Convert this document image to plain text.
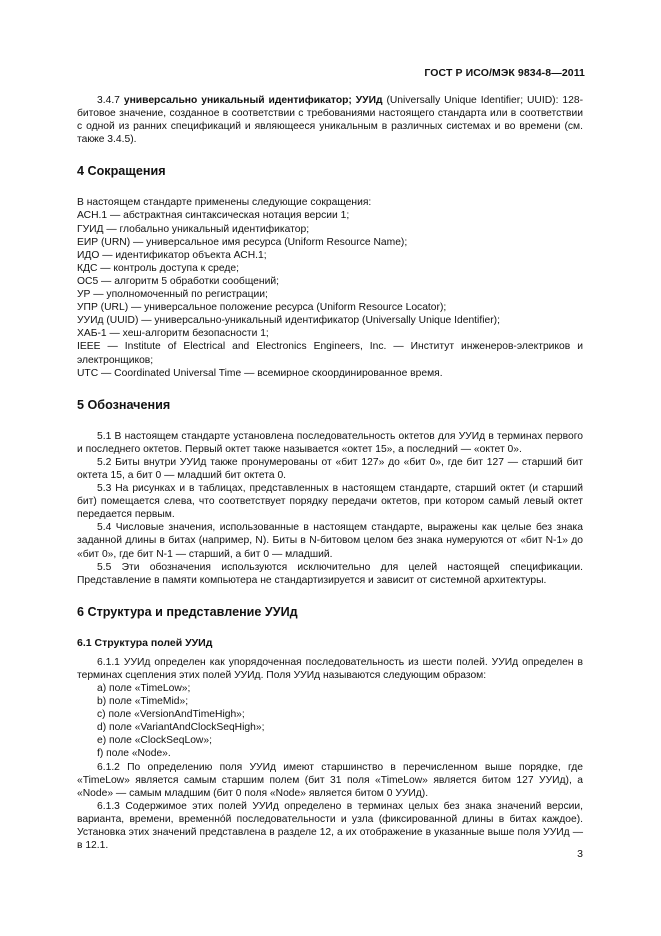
ГОСТ Р ИСО/МЭК 9834-8—2011

3.4.7 универсально уникальный идентификатор; УУИд (Universally Unique Identifier; UUID): 128-битовое значение, созданное в соответствии с требованиями настоящего стандарта или в соответствии с одной из ранних спецификаций и являющееся уникальным в различных системах и во времени (см. также 3.4.5).

4 Сокращения

В настоящем стандарте применены следующие сокращения:

АСН.1 — абстрактная синтаксическая нотация версии 1;

ГУИД — глобально уникальный идентификатор;

ЕИР (URN) — универсальное имя ресурса (Uniform Resource Name);

ИДО — идентификатор объекта АСН.1;

КДС — контроль доступа к среде;

ОС5 — алгоритм 5 обработки сообщений;

УР — уполномоченный по регистрации;

УПР (URL) — универсальное положение ресурса (Uniform Resource Locator);

УУИд (UUID) — универсально-уникальный идентификатор (Universally Unique Identifier);

ХАБ-1 — хеш-алгоритм безопасности 1;

IEEE — Institute of Electrical and Electronics Engineers, Inc. — Институт инженеров-электриков и электронщиков;

UTC — Coordinated Universal Time — всемирное скоординированное время.

5 Обозначения

5.1 В настоящем стандарте установлена последовательность октетов для УУИд в терминах первого и последнего октетов. Первый октет также называется «октет 15», а последний — «октет 0».

5.2 Биты внутри УУИд также пронумерованы от «бит 127» до «бит 0», где бит 127 — старший бит октета 15, а бит 0 — младший бит октета 0.

5.3 На рисунках и в таблицах, представленных в настоящем стандарте, старший октет (и старший бит) помещается слева, что соответствует порядку передачи октетов, при котором самый левый октет передается первым.

5.4 Числовые значения, использованные в настоящем стандарте, выражены как целые без знака заданной длины в битах (например, N). Биты в N-битовом целом без знака нумеруются от «бит N-1» до «бит 0», где бит N-1 — старший, а бит 0 — младший.

5.5 Эти обозначения используются исключительно для целей настоящей спецификации. Представление в памяти компьютера не стандартизируется и зависит от системной архитектуры.

6 Структура и представление УУИд
6.1 Структура полей УУИд

6.1.1 УУИд определен как упорядоченная последовательность из шести полей. УУИд определен в терминах сцепления этих полей УУИд. Поля УУИд называются следующим образом:

a) поле «TimeLow»;

b) поле «TimeMid»;

c) поле «VersionAndTimeHigh»;

d) поле «VariantAndClockSeqHigh»;

e) поле «ClockSeqLow»;

f) поле «Node».

6.1.2 По определению поля УУИд имеют старшинство в перечисленном выше порядке, где «TimeLow» является самым старшим полем (бит 31 поля «TimeLow» является битом 127 УУИд), а «Node» — самым младшим (бит 0 поля «Node» является битом 0 УУИд).

6.1.3 Содержимое этих полей УУИд определено в терминах целых без знака значений версии, варианта, времени, временнóй последовательности и узла (фиксированной длины в битах каждое). Установка этих значений представлена в разделе 12, а их отображение в указанные выше поля УУИд — в 12.1.

3
